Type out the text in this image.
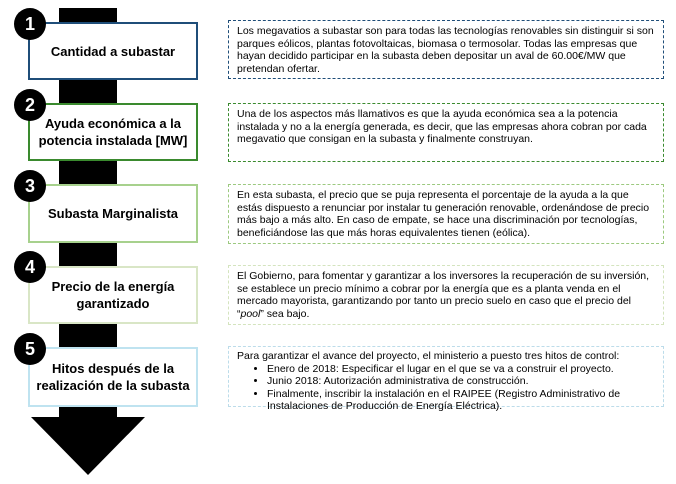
Cantidad a subastar
1	Los megavatios a subastar son para todas las tecnologías renovables sin distinguir si son parques eólicos, plantas fotovoltaicas, biomasa o termosolar. Todas las empresas que hayan decidido participar en la subasta deben depositar un aval de 60.00€/MW que pretendan ofertar.
Ayuda económica a la potencia instalada [MW]
2	Una de los aspectos más llamativos es que la ayuda económica sea a la potencia instalada y no a la energía generada, es decir, que las empresas ahora cobran por cada megavatio que consigan en la subasta y finalmente construyan.
Subasta Marginalista
3	En esta subasta, el precio que se puja representa el porcentaje de la ayuda a la que estás dispuesto a renunciar por instalar tu generación renovable, ordenándose de precio más bajo a más alto. En caso de empate, se hace una discriminación por tecnologías, beneficiándose las que más horas equivalentes tienen (eólica).
Precio de la energía garantizado
4	El Gobierno, para fomentar y garantizar a los inversores la recuperación de su inversión, se establece un precio mínimo a cobrar por la energía que es a planta venda en el mercado mayorista, garantizando por tanto un precio suelo en caso que el precio del “pool” sea bajo.
Hitos después de la realización de la subasta
5	Para garantizar el avance del proyecto, el ministerio a puesto tres hitos de control:
• Enero de 2018: Especificar el lugar en el que se va a construir el proyecto.
• Junio 2018: Autorización administrativa de construcción.
• Finalmente, inscribir la instalación en el RAIPEE (Registro Administrativo de Instalaciones de Producción de Energía Eléctrica).
